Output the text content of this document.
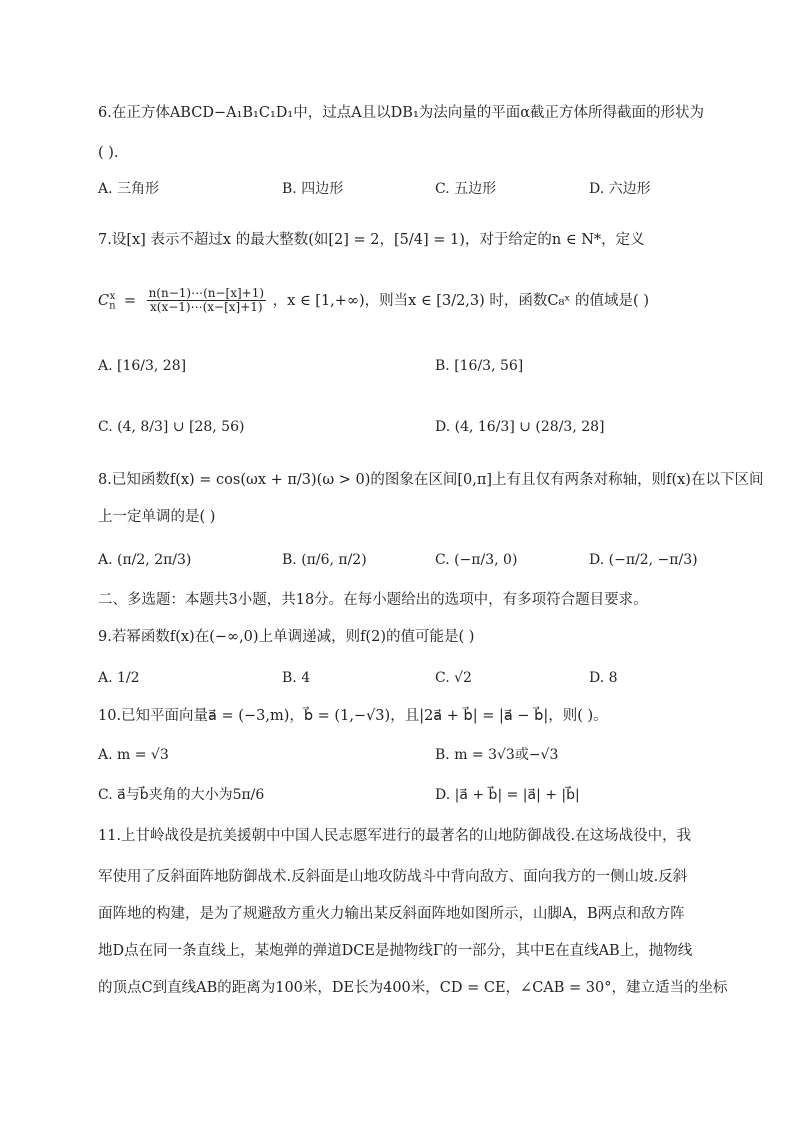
6.在正方体ABCD−A₁B₁C₁D₁中，过点A且以DB₁为法向量的平面α截正方体所得截面的形状为
( ).
A. 三角形	B. 四边形	C. 五边形	D. 六边形
7.设[x] 表示不超过x 的最大整数(如[2] = 2，[5/4] = 1)，对于给定的n ∈ N*，定义
$C_n^x = \frac{n(n-1)\cdots(n-[x]+1)}{x(x-1)\cdots(x-[x]+1)}$ ，x ∈ [1,+∞)，则当x ∈ [3/2,3) 时，函数C₈ˣ 的值域是( )
A. [16/3, 28]	B. [16/3, 56]
C. (4, 8/3] ∪ [28, 56)	D. (4, 16/3] ∪ (28/3, 28]
8.已知函数f(x) = cos(ωx + π/3)(ω > 0)的图象在区间[0,π]上有且仅有两条对称轴，则f(x)在以下区间
上一定单调的是( )
A. (π/2, 2π/3)	B. (π/6, π/2)	C. (−π/3, 0)	D. (−π/2, −π/3)
二、多选题：本题共3小题，共18分。在每小题给出的选项中，有多项符合题目要求。
9.若幂函数f(x)在(−∞,0)上单调递减，则f(2)的值可能是( )
A. 1/2	B. 4	C. √2	D. 8
10.已知平面向量a⃗ = (−3,m)，b⃗ = (1,−√3)，且|2a⃗ + b⃗| = |a⃗ − b⃗|，则( )。
A. m = √3	B. m = 3√3或−√3
C. a⃗与b⃗夹角的大小为5π/6	D. |a⃗ + b⃗| = |a⃗| + |b⃗|
11.上甘岭战役是抗美援朝中中国人民志愿军进行的最著名的山地防御战役.在这场战役中，我
军使用了反斜面阵地防御战术.反斜面是山地攻防战斗中背向敌方、面向我方的一侧山坡.反斜
面阵地的构建，是为了规避敌方重火力输出某反斜面阵地如图所示，山脚A，B两点和敌方阵
地D点在同一条直线上，某炮弹的弹道DCE是抛物线Γ的一部分，其中E在直线AB上，抛物线
的顶点C到直线AB的距离为100米，DE长为400米，CD = CE，∠CAB = 30°，建立适当的坐标
